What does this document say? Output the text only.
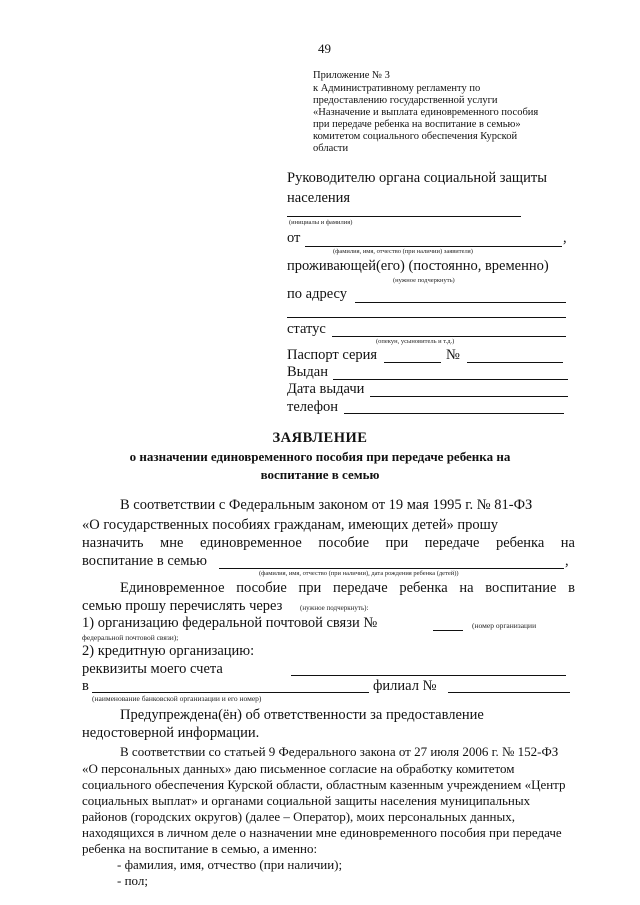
49
Приложение № 3
к Административному регламенту по
предоставлению государственной услуги
«Назначение и выплата единовременного пособия
при передаче ребенка на воспитание в семью»
комитетом социального обеспечения Курской
области
Руководителю органа социальной защиты
населения
(инициалы и фамилия)
от	,
(фамилия, имя, отчество (при наличии) заявителя)
проживающей(его) (постоянно, временно)
(нужное подчеркнуть)
по адресу
статус
(опекун, усыновитель и т.д.)
Паспорт серия	№
Выдан
Дата выдачи
телефон
ЗАЯВЛЕНИЕ
о назначении единовременного пособия при передаче ребенка на
воспитание в семью
В соответствии с Федеральным законом от 19 мая 1995 г. № 81-ФЗ
«О государственных пособиях гражданам, имеющих детей» прошу
назначить мне единовременное пособие при передаче ребенка на
воспитание в семью	,
(фамилия, имя, отчество (при наличии), дата рождения ребенка (детей))
Единовременное пособие при передаче ребенка на воспитание в
семью прошу перечислять через	(нужное подчеркнуть):
1) организацию федеральной почтовой связи №	(номер организации
федеральной почтовой связи);
2) кредитную организацию:
реквизиты моего счета
в	филиал №
(наименование банковской организации и его номер)
Предупреждена(ён) об ответственности за предоставление
недостоверной информации.
В соответствии со статьей 9 Федерального закона от 27 июля 2006 г. № 152-ФЗ
«О персональных данных» даю письменное согласие на обработку комитетом
социального обеспечения Курской области, областным казенным учреждением «Центр
социальных выплат» и органами социальной защиты населения муниципальных
районов (городских округов) (далее – Оператор), моих персональных данных,
находящихся в личном деле о назначении мне единовременного пособия при передаче
ребенка на воспитание в семью, а именно:
- фамилия, имя, отчество (при наличии);
- пол;
